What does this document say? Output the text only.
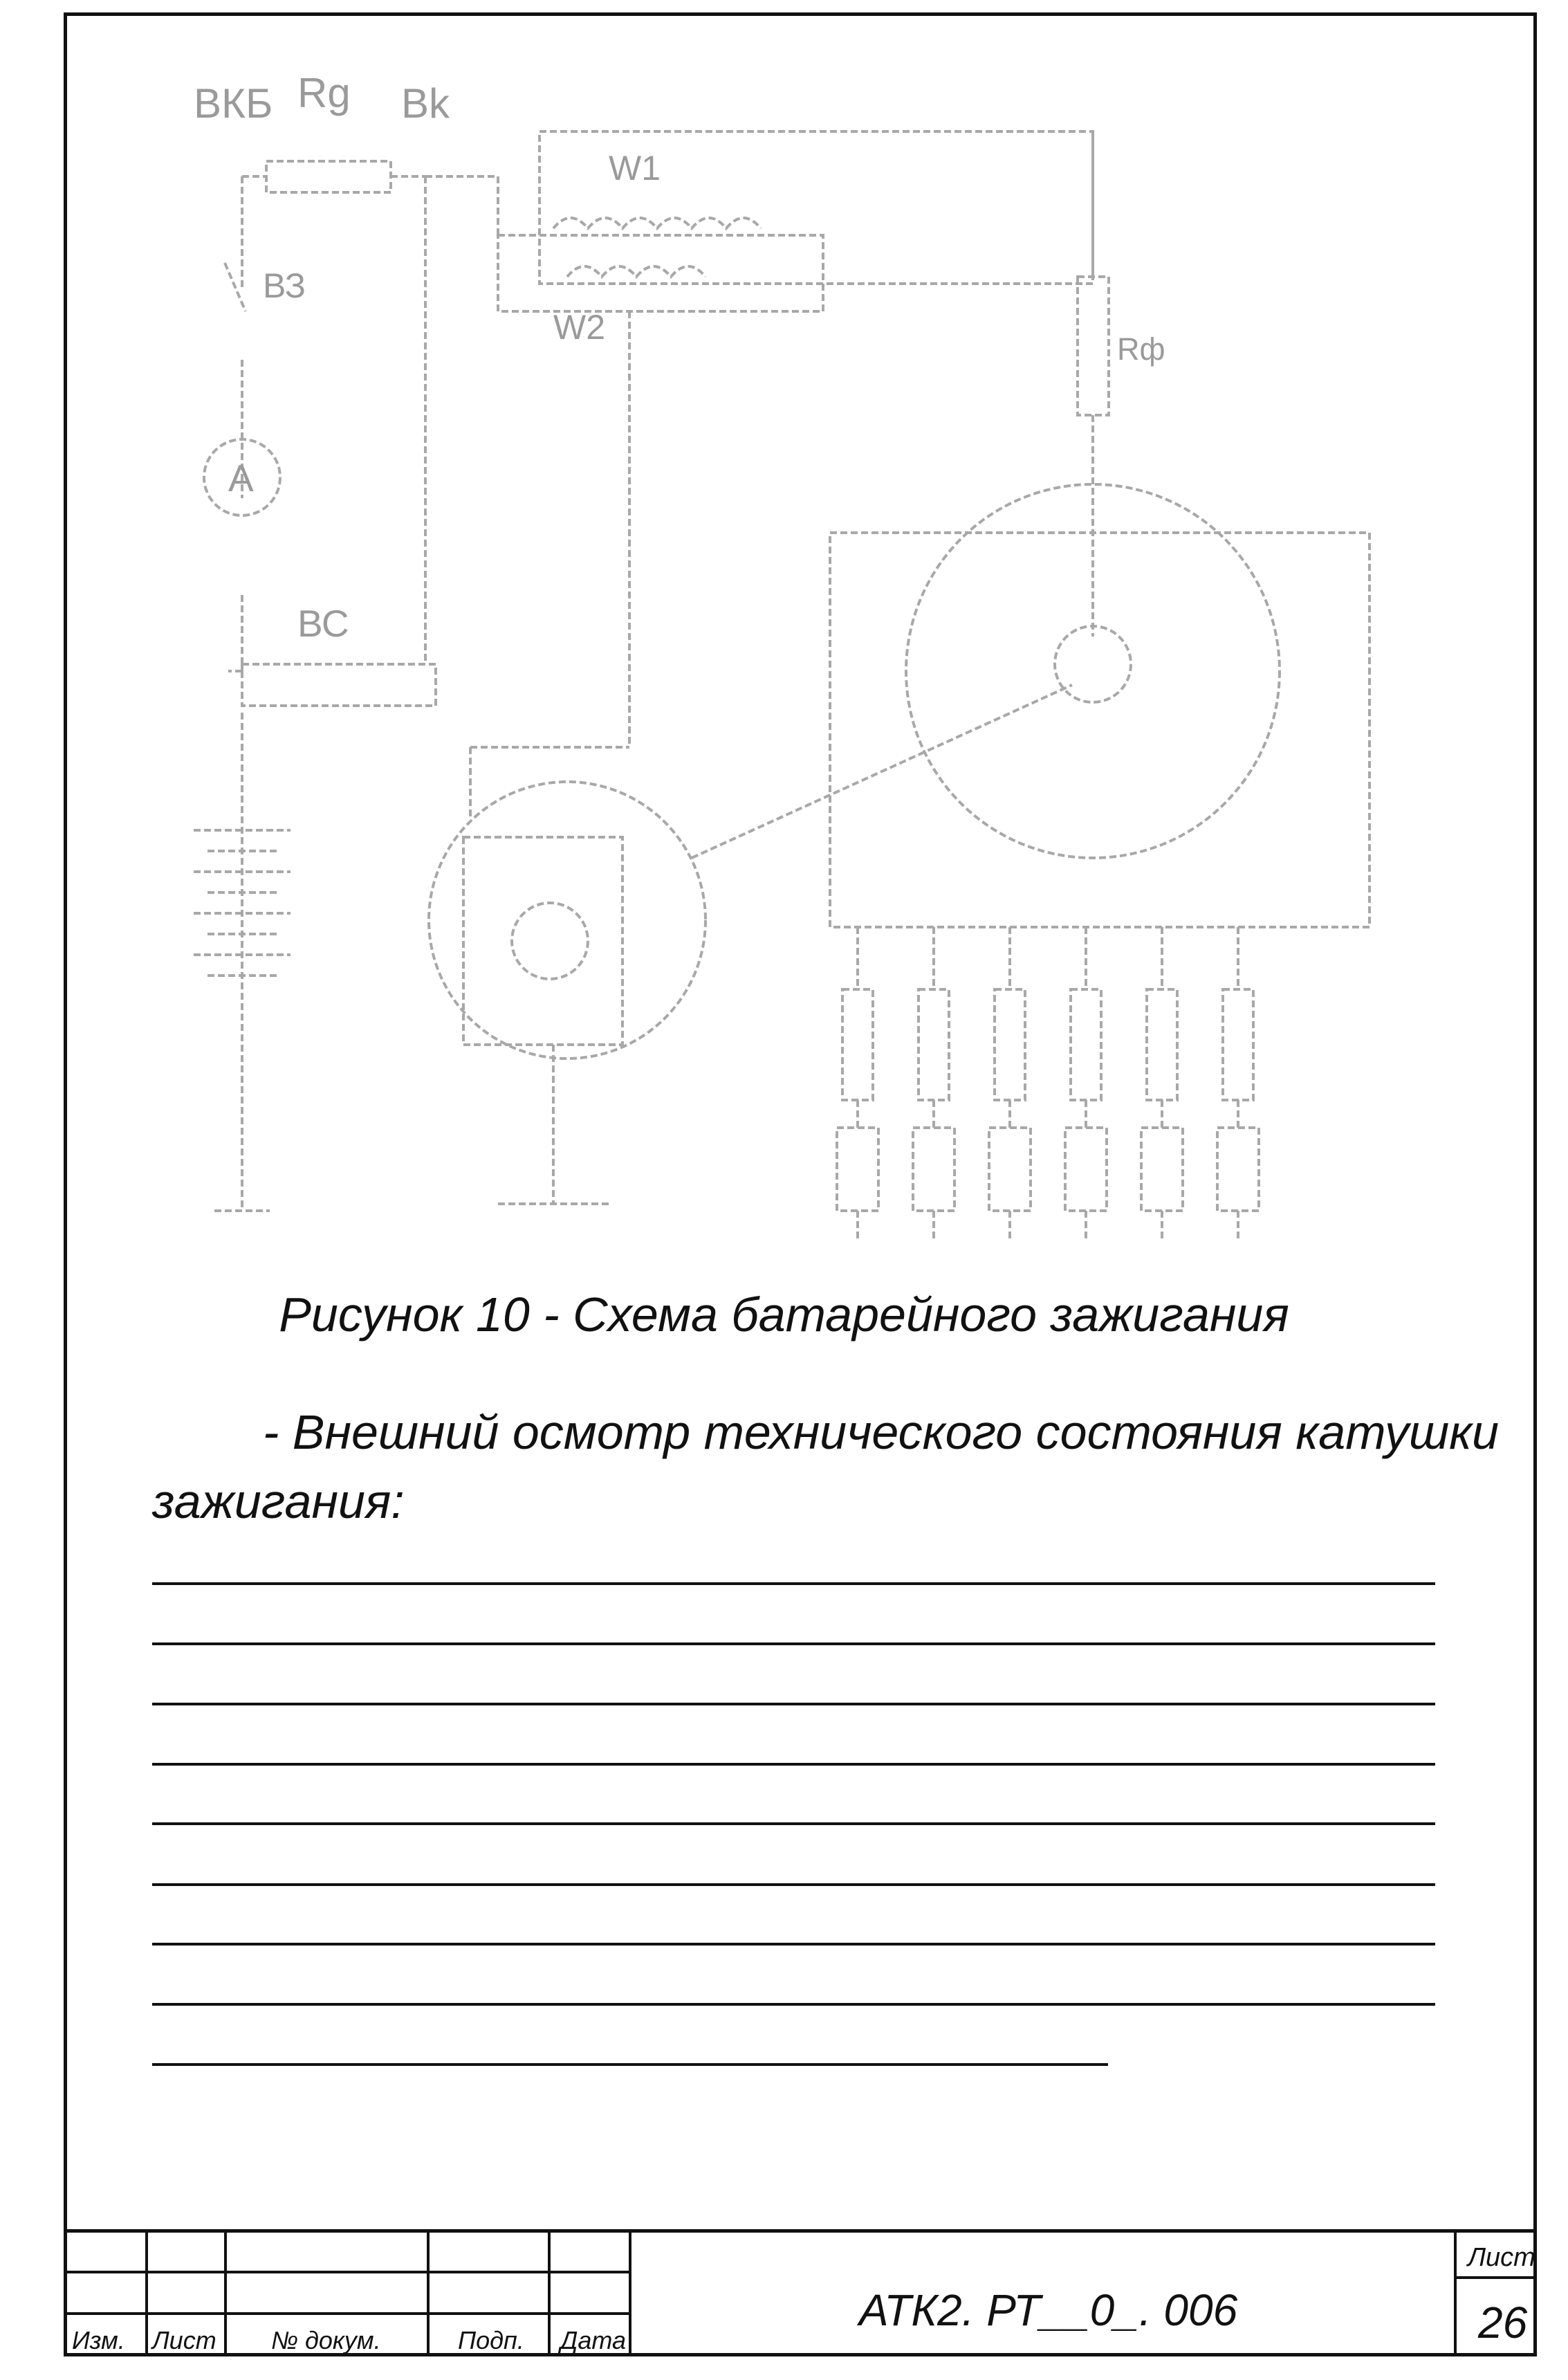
ВКБ Rg Bk
W1
W2
ВЗ
А
ВС
Rф
Рисунок 10 - Схема батарейного зажигания
- Внешний осмотр технического состояния катушки
зажигания:
Изм. Лист № докум.	Подп. Дата
АТК2. РТ__0_. 006
Лист
26
